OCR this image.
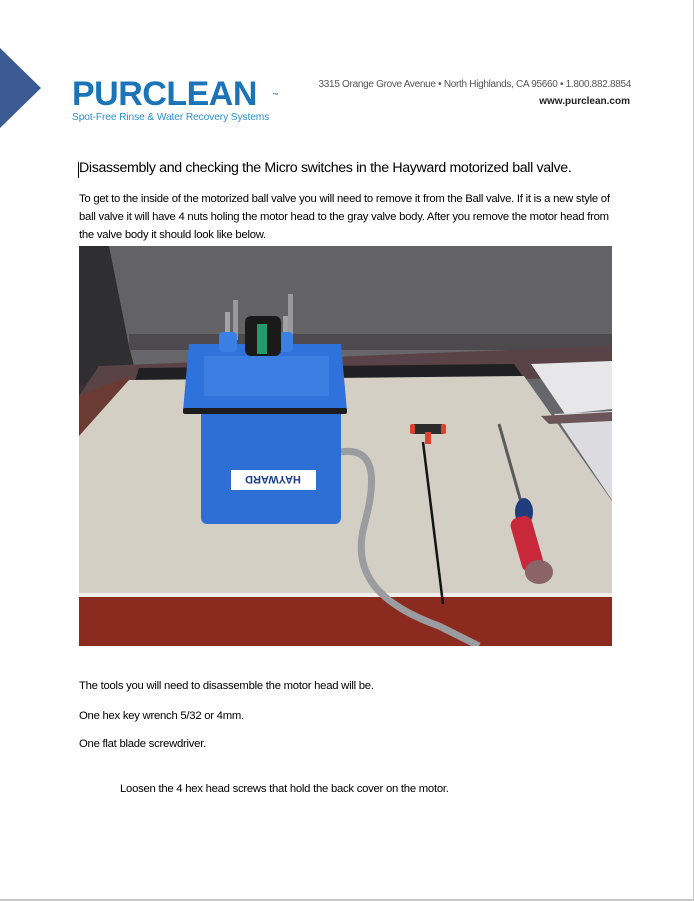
PURCLEAN	™
Spot-Free Rinse & Water Recovery Systems
3315 Orange Grove Avenue • North Highlands, CA 95660 • 1.800.882.8854
www.purclean.com
Disassembly and checking the Micro switches in the Hayward motorized ball valve.
To get to the inside of the motorized ball valve you will need to remove it from the Ball valve. If it is a new style of ball valve it will have 4 nuts holing the motor head to the gray valve body. After you remove the motor head from the valve body it should look like below.
HAYWARD
The tools you will need to disassemble the motor head will be.
One hex key wrench 5/32 or 4mm.
One flat blade screwdriver.
Loosen the 4 hex head screws that hold the back cover on the motor.
